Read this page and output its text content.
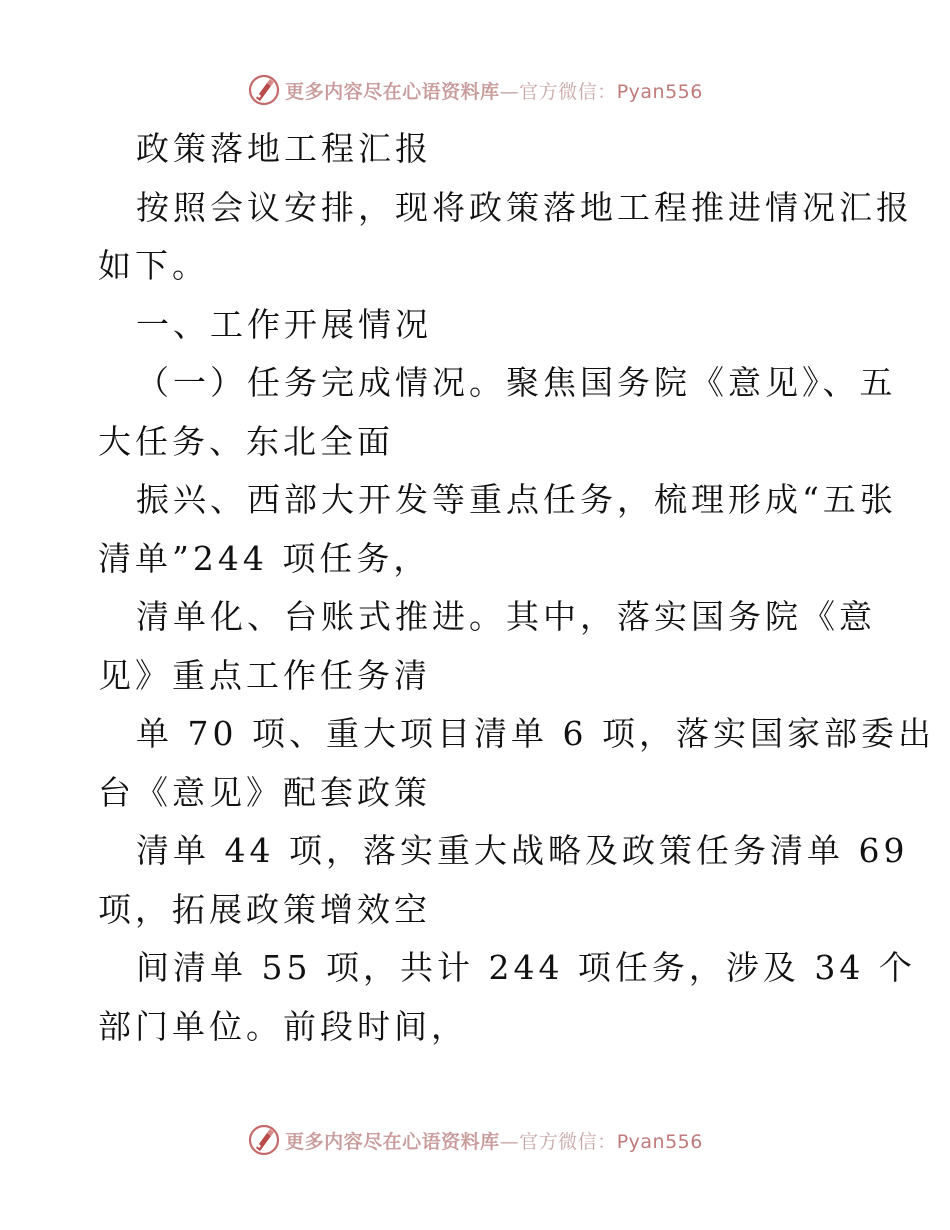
更多内容尽在心语资料库—官方微信：Pyan556

政策落地工程汇报

按照会议安排，现将政策落地工程推进情况汇报

如下。

一、工作开展情况

（一）任务完成情况。聚焦国务院《意见》、五

大任务、东北全面

振兴、西部大开发等重点任务，梳理形成“五张

清单”244 项任务，

清单化、台账式推进。其中，落实国务院《意

见》重点工作任务清

单 70 项、重大项目清单 6 项，落实国家部委出

台《意见》配套政策

清单 44 项，落实重大战略及政策任务清单 69

项，拓展政策增效空

间清单 55 项，共计 244 项任务，涉及 34 个

部门单位。前段时间，

更多内容尽在心语资料库—官方微信：Pyan556
